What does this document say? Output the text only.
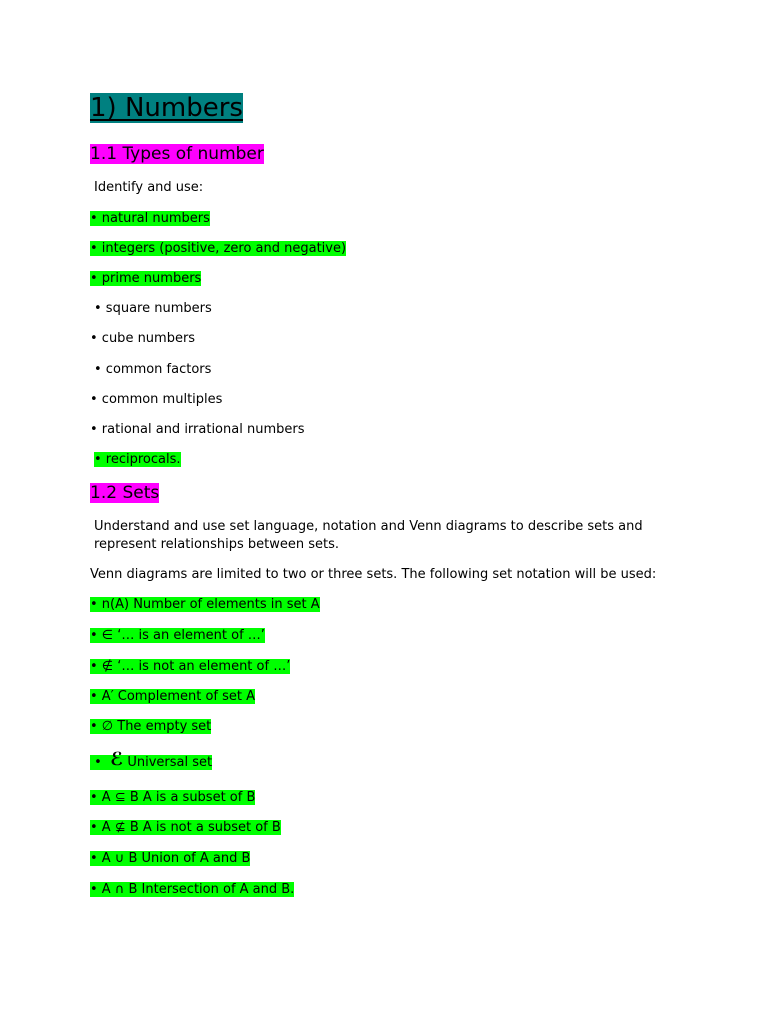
1) Numbers
1.1 Types of number
Identify and use:
• natural numbers
• integers (positive, zero and negative)
• prime numbers
• square numbers
• cube numbers
• common factors
• common multiples
• rational and irrational numbers
• reciprocals.
1.2 Sets
Understand and use set language, notation and Venn diagrams to describe sets and represent relationships between sets.
Venn diagrams are limited to two or three sets. The following set notation will be used:
• n(A) Number of elements in set A
• ∈ ‘… is an element of …’
• ∉ ‘… is not an element of …’
• A′ Complement of set A
• ∅ The empty set
• ℰ Universal set
• A ⊆ B A is a subset of B
• A ⊈ B A is not a subset of B
• A ∪ B Union of A and B
• A ∩ B Intersection of A and B.
